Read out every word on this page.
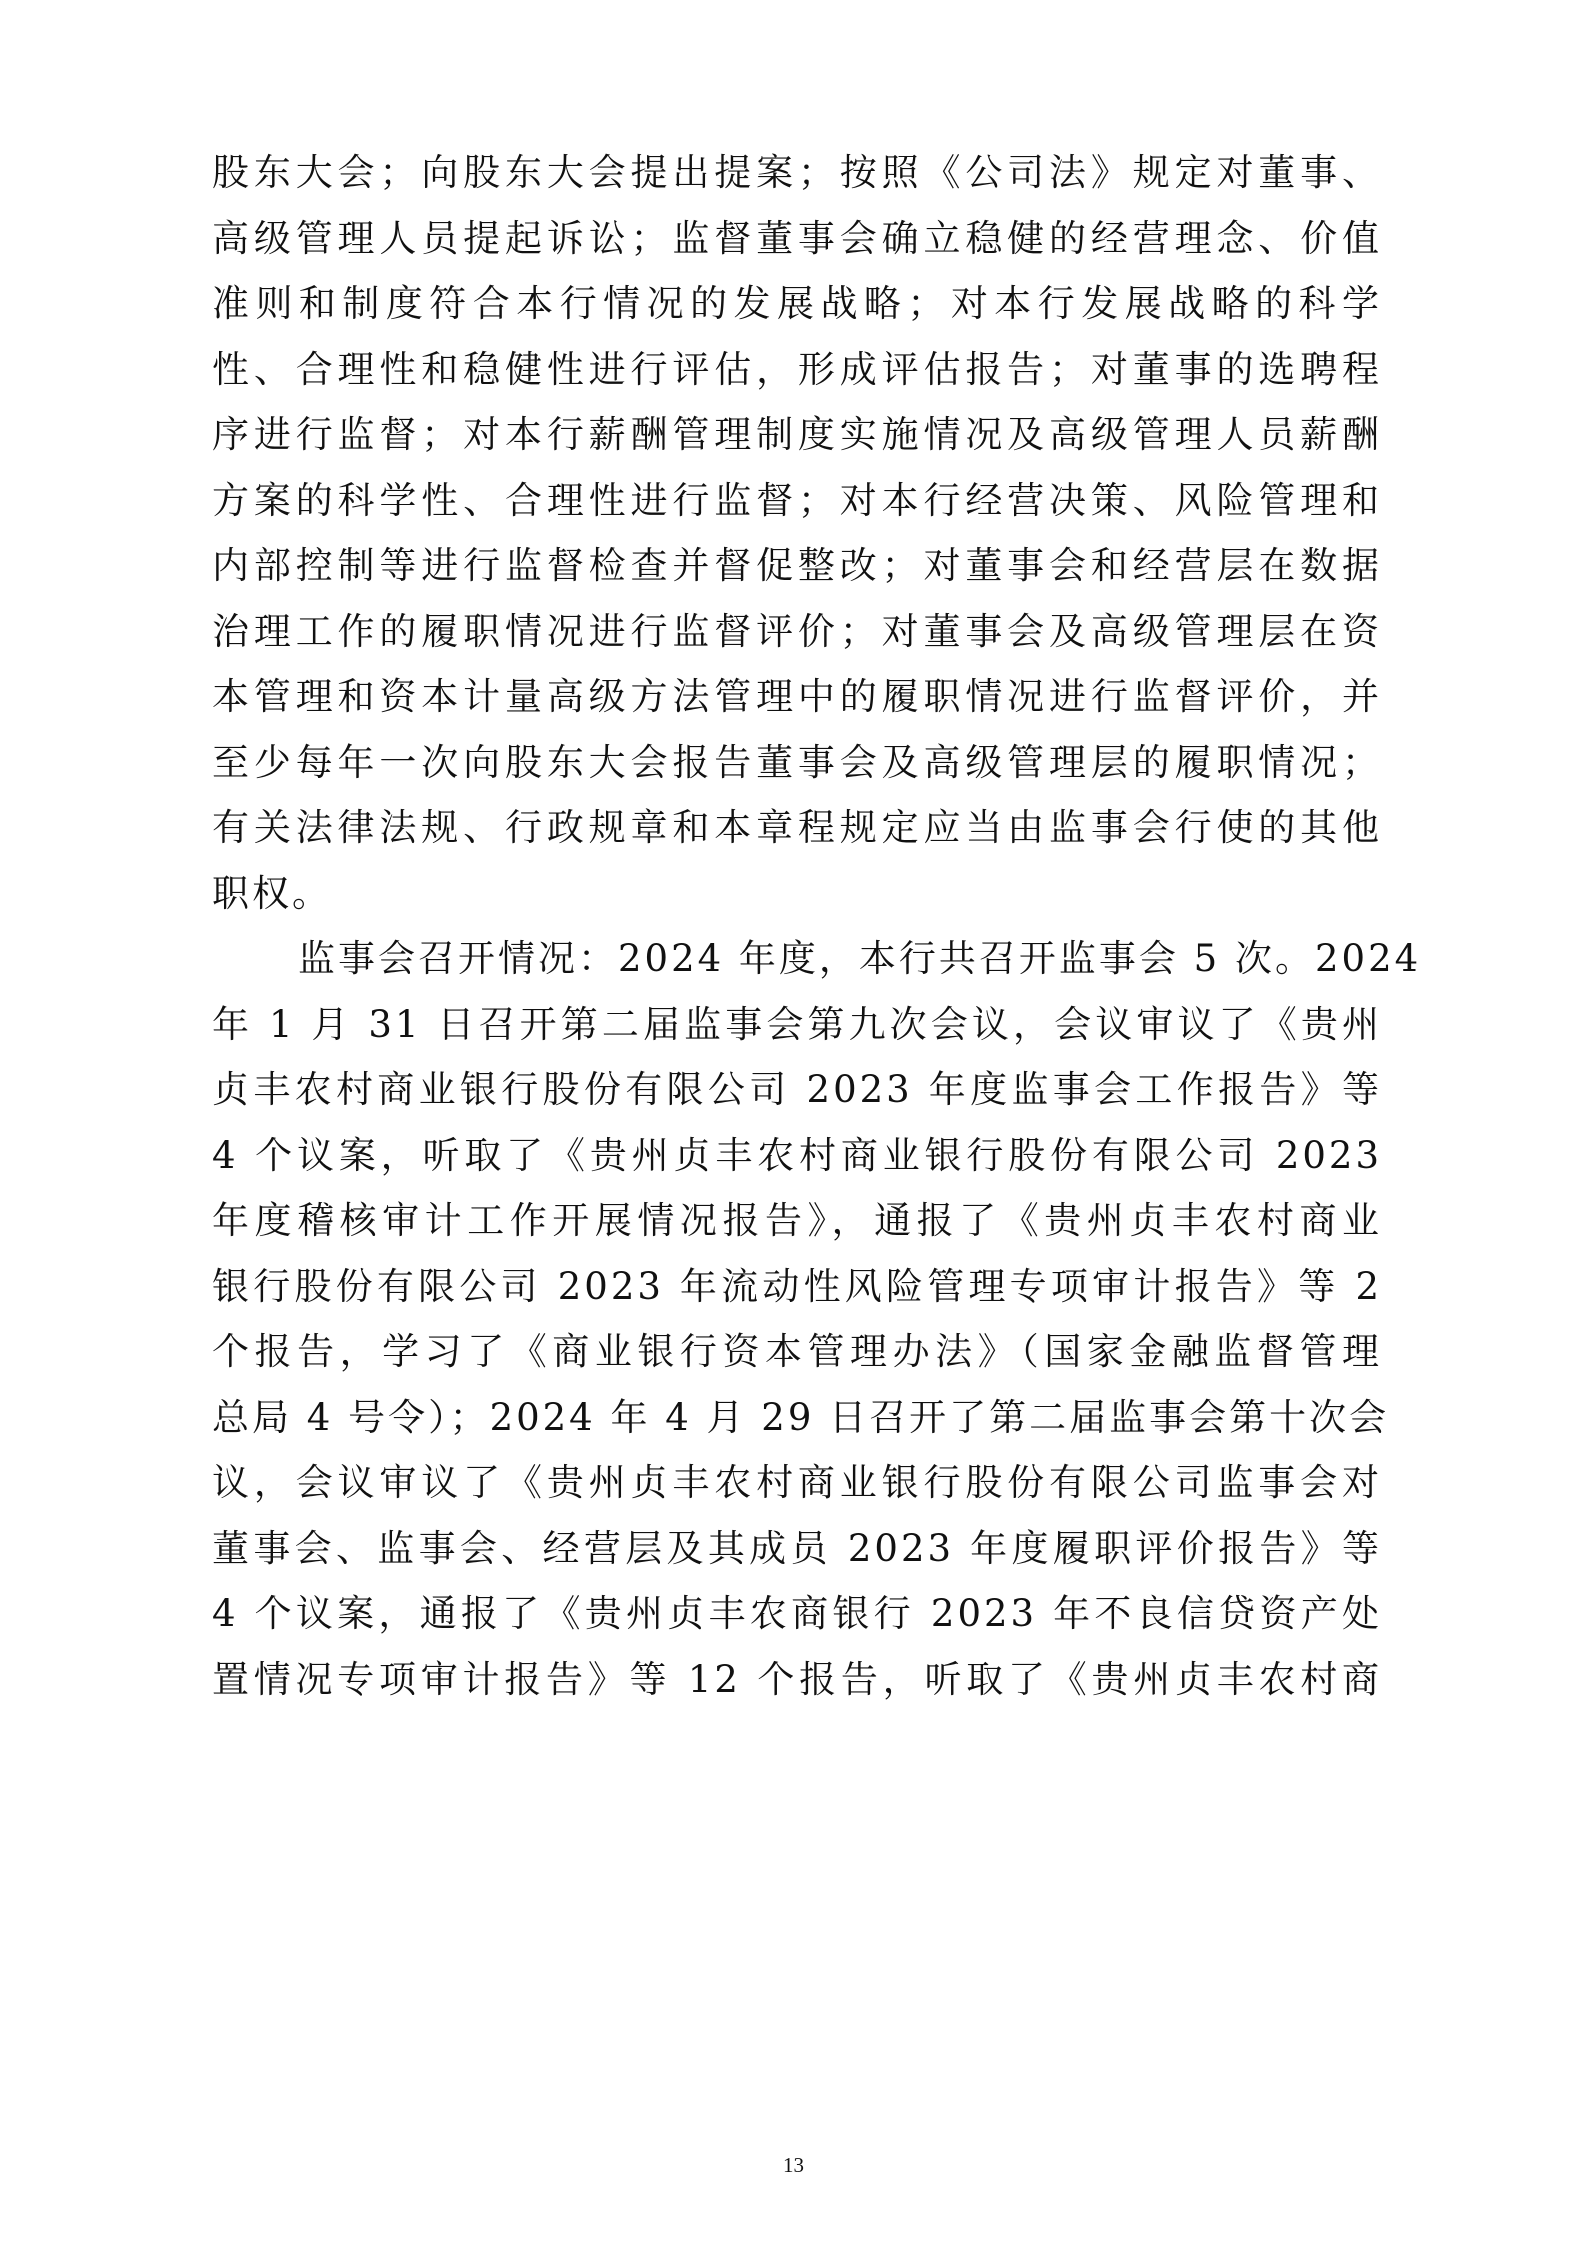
股东大会；向股东大会提出提案；按照《公司法》规定对董事、
高级管理人员提起诉讼；监督董事会确立稳健的经营理念、价值
准则和制度符合本行情况的发展战略；对本行发展战略的科学
性、合理性和稳健性进行评估，形成评估报告；对董事的选聘程
序进行监督；对本行薪酬管理制度实施情况及高级管理人员薪酬
方案的科学性、合理性进行监督；对本行经营决策、风险管理和
内部控制等进行监督检查并督促整改；对董事会和经营层在数据
治理工作的履职情况进行监督评价；对董事会及高级管理层在资
本管理和资本计量高级方法管理中的履职情况进行监督评价，并
至少每年一次向股东大会报告董事会及高级管理层的履职情况；
有关法律法规、行政规章和本章程规定应当由监事会行使的其他
职权。
监事会召开情况：2024 年度，本行共召开监事会 5 次。2024
年 1 月 31 日召开第二届监事会第九次会议，会议审议了《贵州
贞丰农村商业银行股份有限公司 2023 年度监事会工作报告》等
4 个议案，听取了《贵州贞丰农村商业银行股份有限公司 2023
年度稽核审计工作开展情况报告》，通报了《贵州贞丰农村商业
银行股份有限公司 2023 年流动性风险管理专项审计报告》等 2
个报告，学习了《商业银行资本管理办法》（国家金融监督管理
总局 4 号令）；2024 年 4 月 29 日召开了第二届监事会第十次会
议，会议审议了《贵州贞丰农村商业银行股份有限公司监事会对
董事会、监事会、经营层及其成员 2023 年度履职评价报告》等
4 个议案，通报了《贵州贞丰农商银行 2023 年不良信贷资产处
置情况专项审计报告》等 12 个报告，听取了《贵州贞丰农村商
13
